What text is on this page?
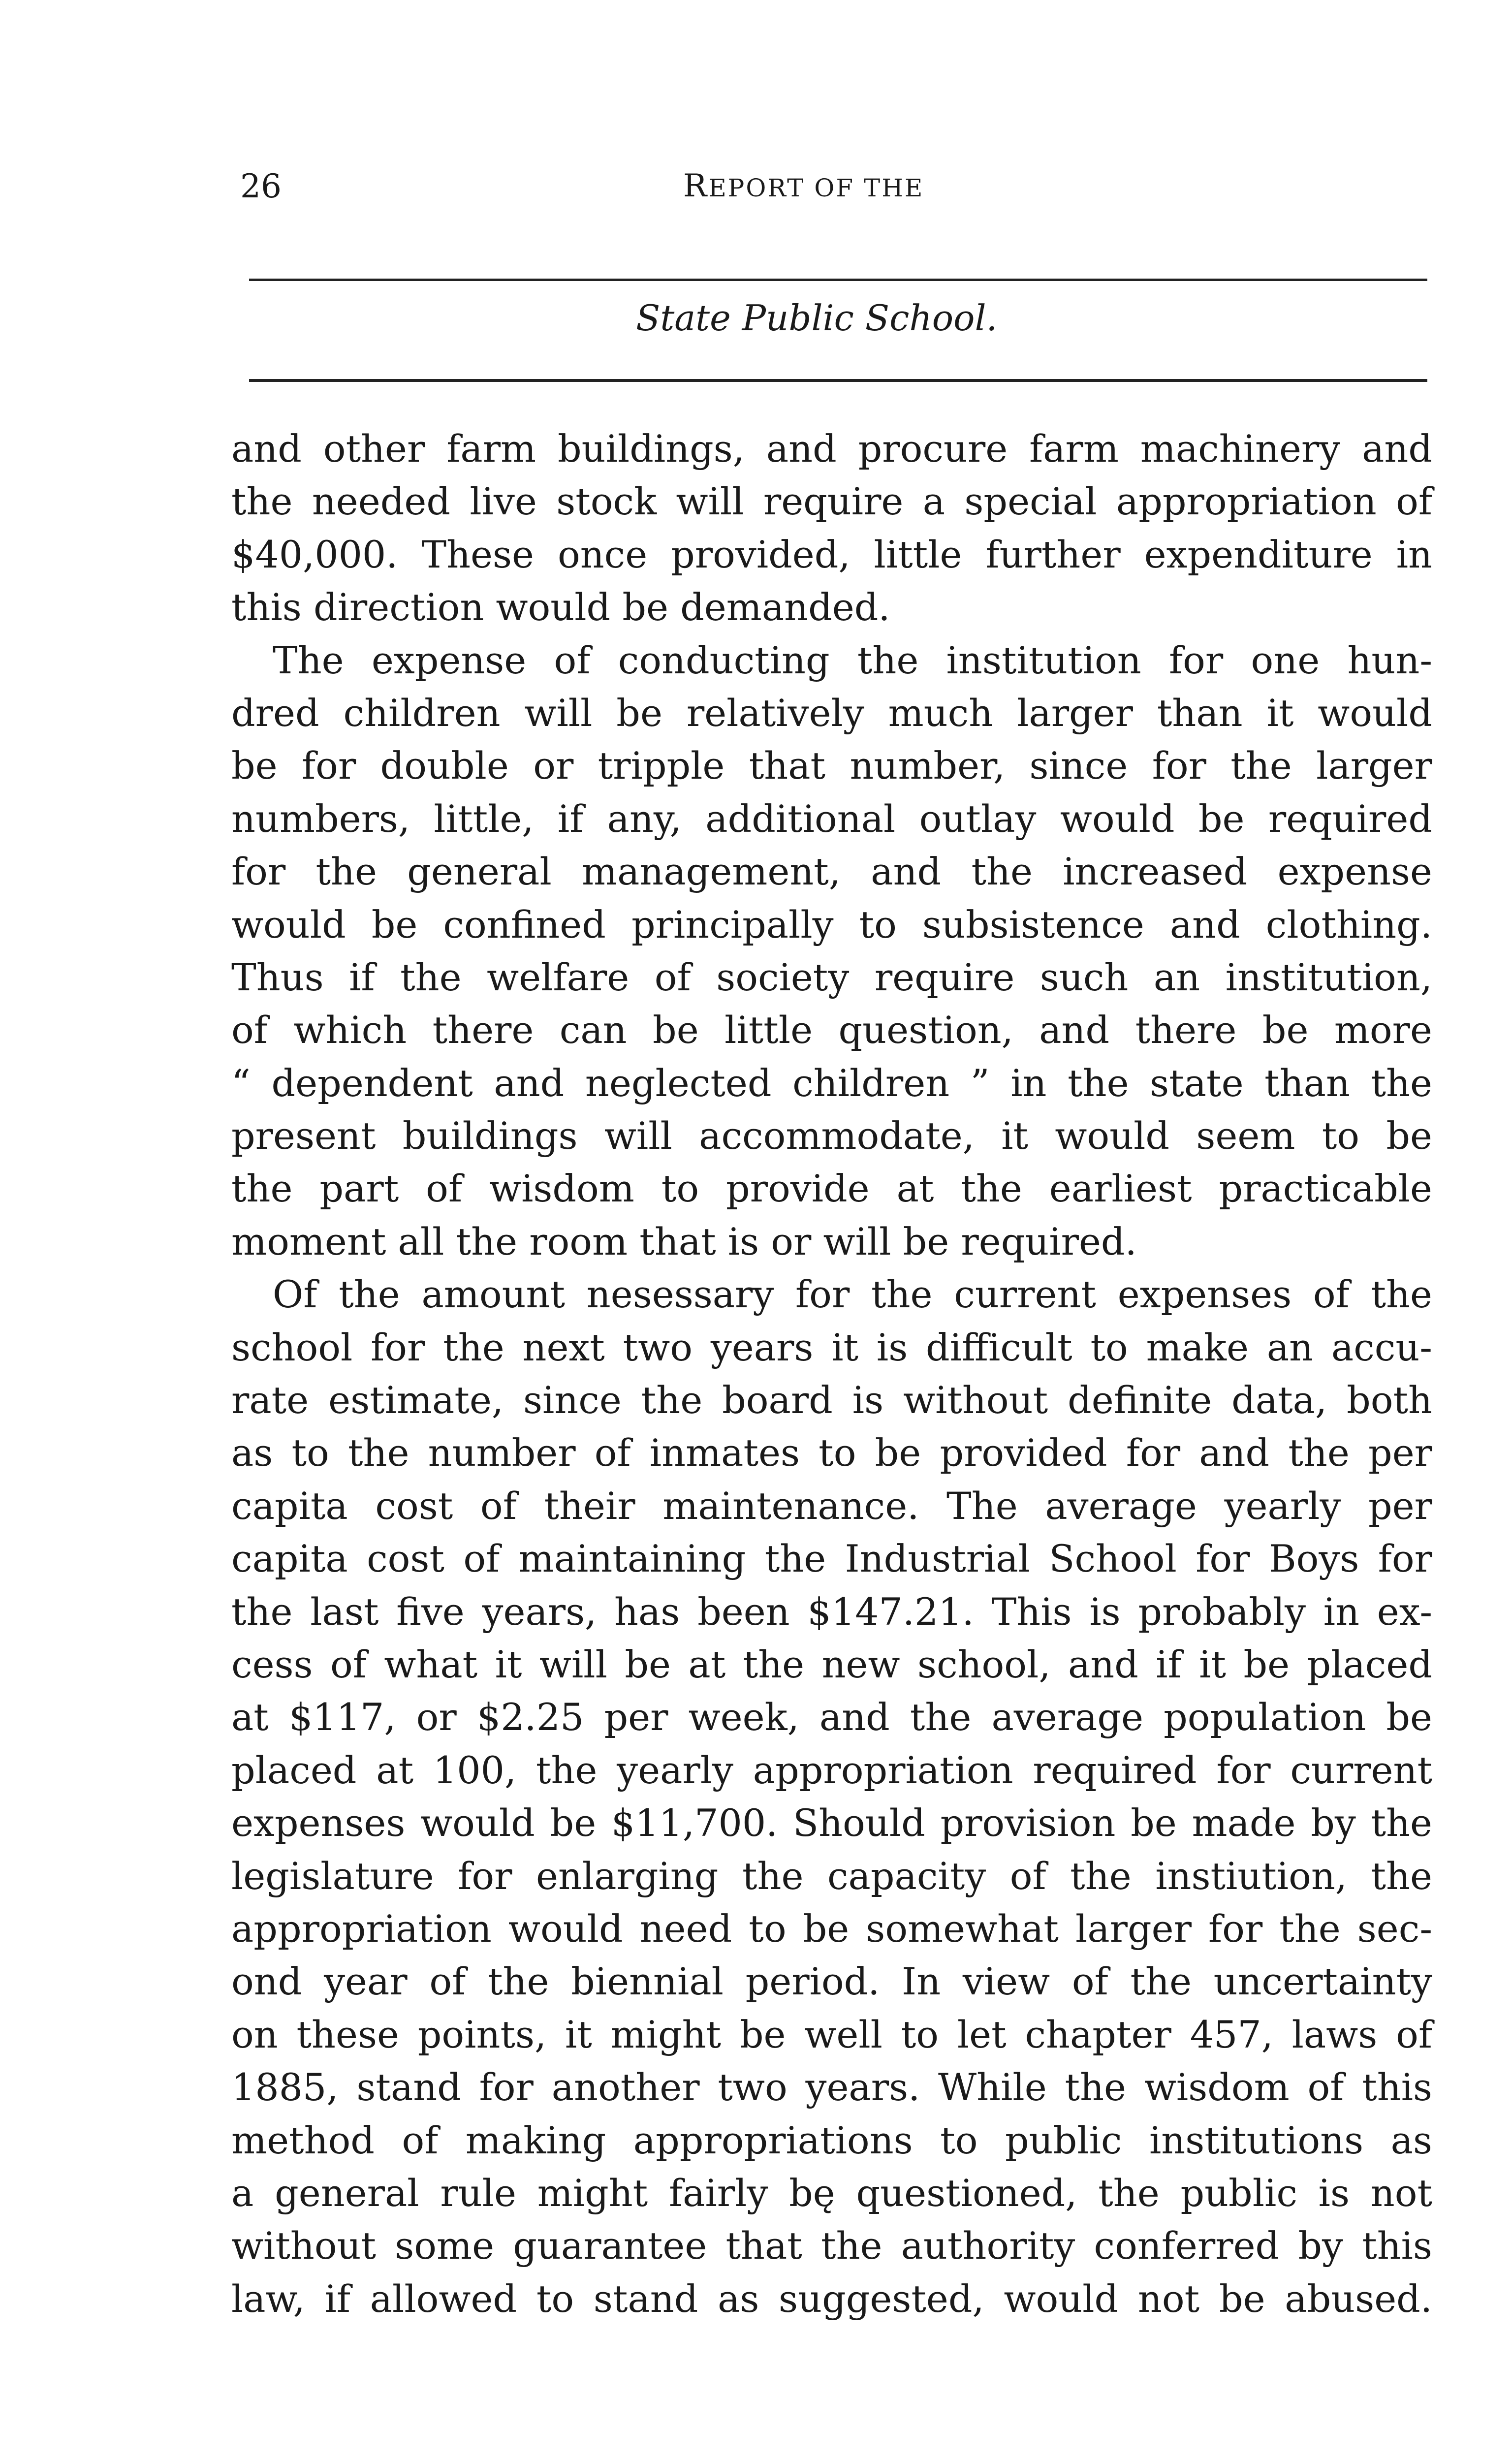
26	REPORT OF THE
State Public School.
and other farm buildings, and procure farm machinery and
the needed live stock will require a special appropriation of
$40,000. These once provided, little further expenditure in
this direction would be demanded.
The expense of conducting the institution for one hun-
dred children will be relatively much larger than it would
be for double or tripple that number, since for the larger
numbers, little, if any, additional outlay would be required
for the general management, and the increased expense
would be confined principally to subsistence and clothing.
Thus if the welfare of society require such an institution,
of which there can be little question, and there be more
“ dependent and neglected children ” in the state than the
present buildings will accommodate, it would seem to be
the part of wisdom to provide at the earliest practicable
moment all the room that is or will be required.
Of the amount nesessary for the current expenses of the
school for the next two years it is difficult to make an accu-
rate estimate, since the board is without definite data, both
as to the number of inmates to be provided for and the per
capita cost of their maintenance. The average yearly per
capita cost of maintaining the Industrial School for Boys for
the last five years, has been $147.21. This is probably in ex-
cess of what it will be at the new school, and if it be placed
at $117, or $2.25 per week, and the average population be
placed at 100, the yearly appropriation required for current
expenses would be $11,700. Should provision be made by the
legislature for enlarging the capacity of the instiution, the
appropriation would need to be somewhat larger for the sec-
ond year of the biennial period. In view of the uncertainty
on these points, it might be well to let chapter 457, laws of
1885, stand for another two years. While the wisdom of this
method of making appropriations to public institutions as
a general rule might fairly bę questioned, the public is not
without some guarantee that the authority conferred by this
law, if allowed to stand as suggested, would not be abused.
